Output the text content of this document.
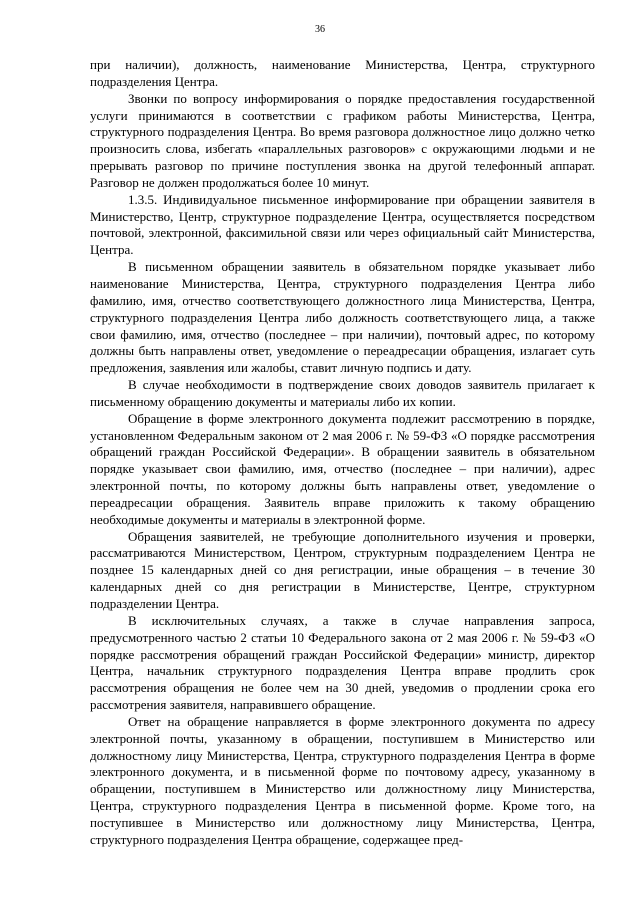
36

при наличии), должность, наименование Министерства, Центра, структурного подразделения Центра.

Звонки по вопросу информирования о порядке предоставления государственной услуги принимаются в соответствии с графиком работы Министерства, Центра, структурного подразделения Центра. Во время разговора должностное лицо должно четко произносить слова, избегать «параллельных разговоров» с окружающими людьми и не прерывать разговор по причине поступления звонка на другой телефонный аппарат. Разговор не должен продолжаться более 10 минут.

1.3.5. Индивидуальное письменное информирование при обращении заявителя в Министерство, Центр, структурное подразделение Центра, осуществляется посредством почтовой, электронной, факсимильной связи или через официальный сайт Министерства, Центра.

В письменном обращении заявитель в обязательном порядке указывает либо наименование Министерства, Центра, структурного подразделения Центра либо фамилию, имя, отчество соответствующего должностного лица Министерства, Центра, структурного подразделения Центра либо должность соответствующего лица, а также свои фамилию, имя, отчество (последнее – при наличии), почтовый адрес, по которому должны быть направлены ответ, уведомление о переадресации обращения, излагает суть предложения, заявления или жалобы, ставит личную подпись и дату.

В случае необходимости в подтверждение своих доводов заявитель прилагает к письменному обращению документы и материалы либо их копии.

Обращение в форме электронного документа подлежит рассмотрению в порядке, установленном Федеральным законом от 2 мая 2006 г. № 59-ФЗ «О порядке рассмотрения обращений граждан Российской Федерации». В обращении заявитель в обязательном порядке указывает свои фамилию, имя, отчество (последнее – при наличии), адрес электронной почты, по которому должны быть направлены ответ, уведомление о переадресации обращения. Заявитель вправе приложить к такому обращению необходимые документы и материалы в электронной форме.

Обращения заявителей, не требующие дополнительного изучения и проверки, рассматриваются Министерством, Центром, структурным подразделением Центра не позднее 15 календарных дней со дня регистрации, иные обращения – в течение 30 календарных дней со дня регистрации в Министерстве, Центре, структурном подразделении Центра.

В исключительных случаях, а также в случае направления запроса, предусмотренного частью 2 статьи 10 Федерального закона от 2 мая 2006 г. № 59-ФЗ «О порядке рассмотрения обращений граждан Российской Федерации» министр, директор Центра, начальник структурного подразделения Центра вправе продлить срок рассмотрения обращения не более чем на 30 дней, уведомив о продлении срока его рассмотрения заявителя, направившего обращение.

Ответ на обращение направляется в форме электронного документа по адресу электронной почты, указанному в обращении, поступившем в Министерство или должностному лицу Министерства, Центра, структурного подразделения Центра в форме электронного документа, и в письменной форме по почтовому адресу, указанному в обращении, поступившем в Министерство или должностному лицу Министерства, Центра, структурного подразделения Центра в письменной форме. Кроме того, на поступившее в Министерство или должностному лицу Министерства, Центра, структурного подразделения Центра обращение, содержащее пред-
